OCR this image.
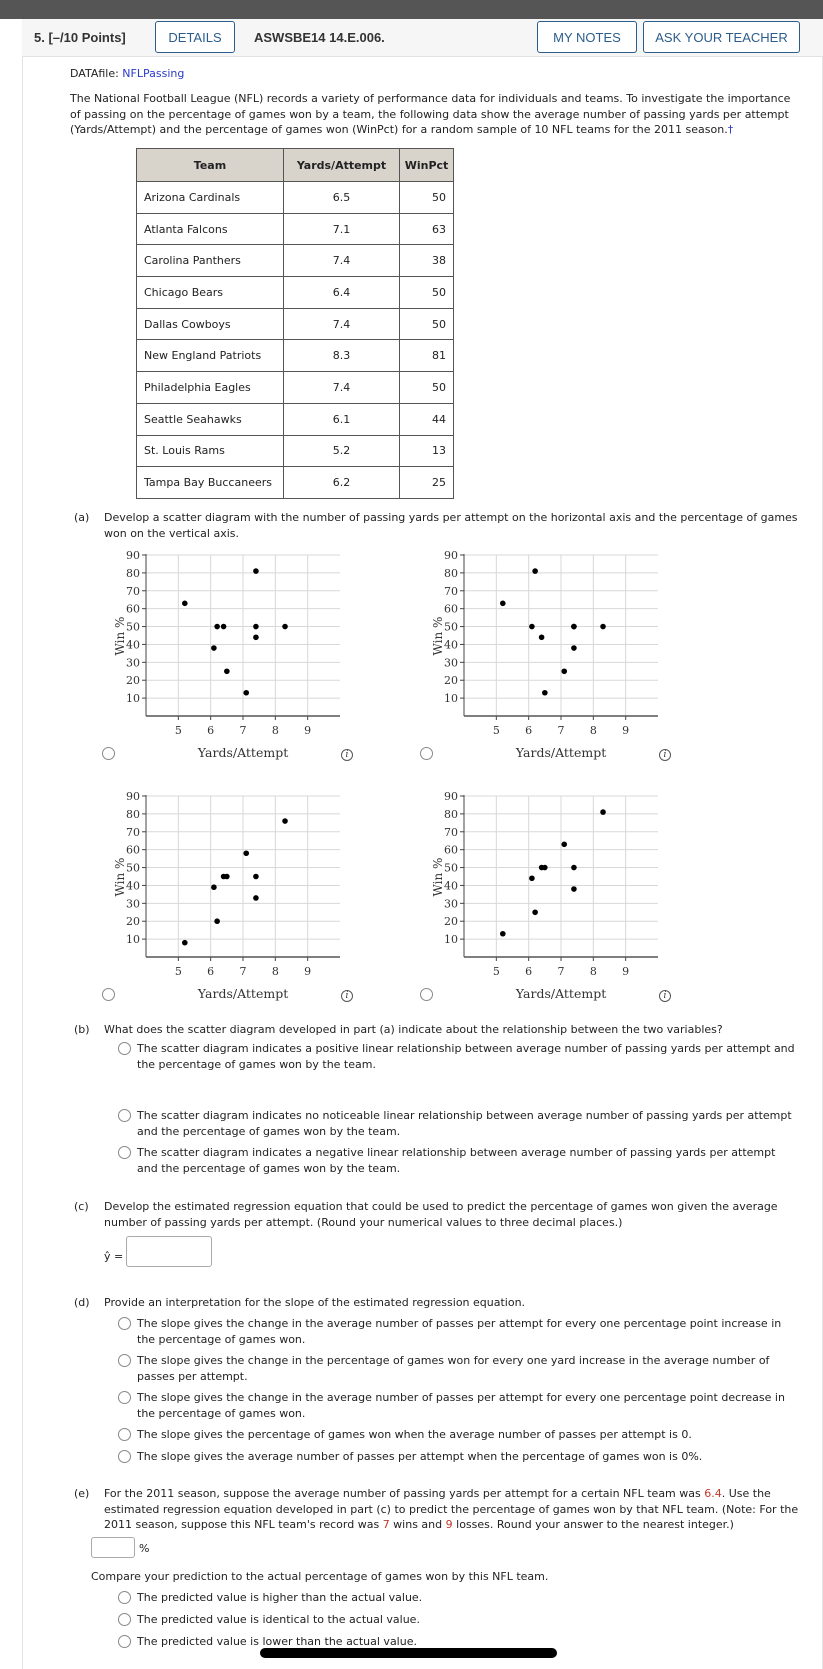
5. [–/10 Points]	DETAILS	ASWSBE14 14.E.006.	MY NOTES	ASK YOUR TEACHER
DATAfile: NFLPassing
The National Football League (NFL) records a variety of performance data for individuals and teams. To investigate the importance of passing on the percentage of games won by a team, the following data show the average number of passing yards per attempt (Yards/Attempt) and the percentage of games won (WinPct) for a random sample of 10 NFL teams for the 2011 season.†
Team	Yards/Attempt	WinPct
Arizona Cardinals	6.5	50
Atlanta Falcons	7.1	63
Carolina Panthers	7.4	38
Chicago Bears	6.4	50
Dallas Cowboys	7.4	50
New England Patriots	8.3	81
Philadelphia Eagles	7.4	50
Seattle Seahawks	6.1	44
St. Louis Rams	5.2	13
Tampa Bay Buccaneers	6.2	25
(a) Develop a scatter diagram with the number of passing yards per attempt on the horizontal axis and the percentage of games won on the vertical axis.
10
20
30
40
50
60
70
80
90
5 6 7 8 9
Yards/Attempt
Win %
i
10
20
30
40
50
60
70
80
90
5 6 7 8 9
Yards/Attempt
Win %
i
10
20
30
40
50
60
70
80
90
5 6 7 8 9
Yards/Attempt
Win %
i
10
20
30
40
50
60
70
80
90
5 6 7 8 9
Yards/Attempt
Win %
i
(b) What does the scatter diagram developed in part (a) indicate about the relationship between the two variables?
The scatter diagram indicates a positive linear relationship between average number of passing yards per attempt and the percentage of games won by the team.
The scatter diagram indicates no noticeable linear relationship between average number of passing yards per attempt and the percentage of games won by the team.
The scatter diagram indicates a negative linear relationship between average number of passing yards per attempt and the percentage of games won by the team.
(c) Develop the estimated regression equation that could be used to predict the percentage of games won given the average number of passing yards per attempt. (Round your numerical values to three decimal places.)
ŷ =
(d) Provide an interpretation for the slope of the estimated regression equation.
The slope gives the change in the average number of passes per attempt for every one percentage point increase in the percentage of games won.
The slope gives the change in the percentage of games won for every one yard increase in the average number of passes per attempt.
The slope gives the change in the average number of passes per attempt for every one percentage point decrease in the percentage of games won.
The slope gives the percentage of games won when the average number of passes per attempt is 0.
The slope gives the average number of passes per attempt when the percentage of games won is 0%.
(e) For the 2011 season, suppose the average number of passing yards per attempt for a certain NFL team was 6.4. Use the estimated regression equation developed in part (c) to predict the percentage of games won by that NFL team. (Note: For the 2011 season, suppose this NFL team's record was 7 wins and 9 losses. Round your answer to the nearest integer.)
%
Compare your prediction to the actual percentage of games won by this NFL team.
The predicted value is higher than the actual value.
The predicted value is identical to the actual value.
The predicted value is lower than the actual value.
